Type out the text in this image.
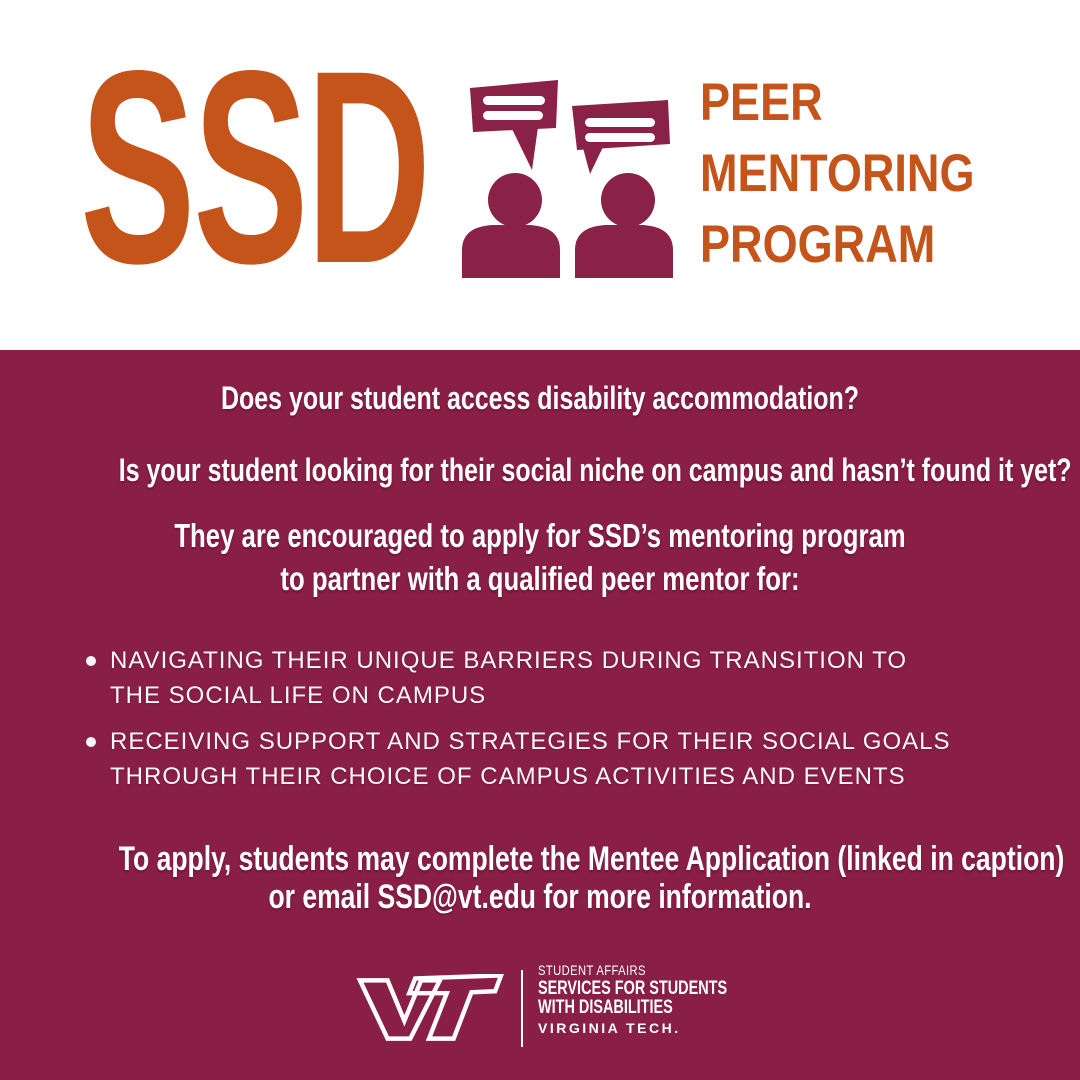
SSD	PEER
MENTORING
PROGRAM
Does your student access disability accommodation?
Is your student looking for their social niche on campus and hasn’t found it yet?
They are encouraged to apply for SSD’s mentoring program
to partner with a qualified peer mentor for:
NAVIGATING THEIR UNIQUE BARRIERS DURING TRANSITION TO
THE SOCIAL LIFE ON CAMPUS
RECEIVING SUPPORT AND STRATEGIES FOR THEIR SOCIAL GOALS
THROUGH THEIR CHOICE OF CAMPUS ACTIVITIES AND EVENTS
To apply, students may complete the Mentee Application (linked in caption)
or email SSD@vt.edu for more information.
STUDENT AFFAIRS
SERVICES FOR STUDENTS
WITH DISABILITIES
VIRGINIA TECH.
